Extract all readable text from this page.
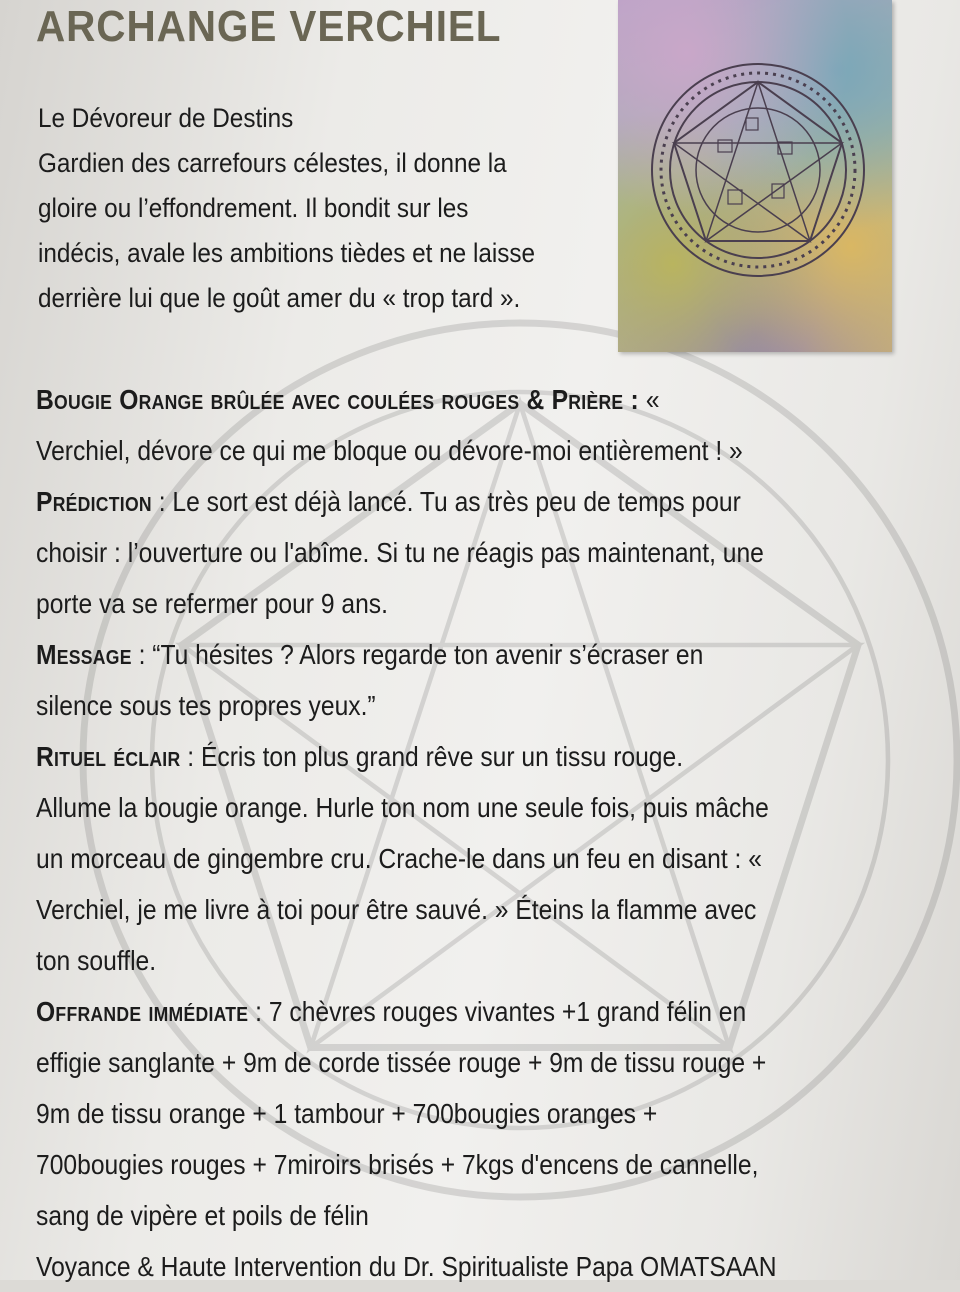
ARCHANGE VERCHIEL
Le Dévoreur de Destins
Gardien des carrefours célestes, il donne la
gloire ou l’effondrement. Il bondit sur les
indécis, avale les ambitions tièdes et ne laisse
derrière lui que le goût amer du « trop tard ».
Bougie Orange brûlée avec coulées rouges & Prière : «
Verchiel, dévore ce qui me bloque ou dévore-moi entièrement ! »
Prédiction : Le sort est déjà lancé. Tu as très peu de temps pour
choisir : l’ouverture ou l'abîme. Si tu ne réagis pas maintenant, une
porte va se refermer pour 9 ans.
Message : “Tu hésites ? Alors regarde ton avenir s’écraser en
silence sous tes propres yeux.”
Rituel éclair : Écris ton plus grand rêve sur un tissu rouge.
Allume la bougie orange. Hurle ton nom une seule fois, puis mâche
un morceau de gingembre cru. Crache-le dans un feu en disant : «
Verchiel, je me livre à toi pour être sauvé. » Éteins la flamme avec
ton souffle.
Offrande immédiate : 7 chèvres rouges vivantes +1 grand félin en
effigie sanglante + 9m de corde tissée rouge + 9m de tissu rouge +
9m de tissu orange + 1 tambour + 700bougies oranges +
700bougies rouges + 7miroirs brisés + 7kgs d'encens de cannelle,
sang de vipère et poils de félin
Voyance & Haute Intervention du Dr. Spiritualiste Papa OMATSAAN
